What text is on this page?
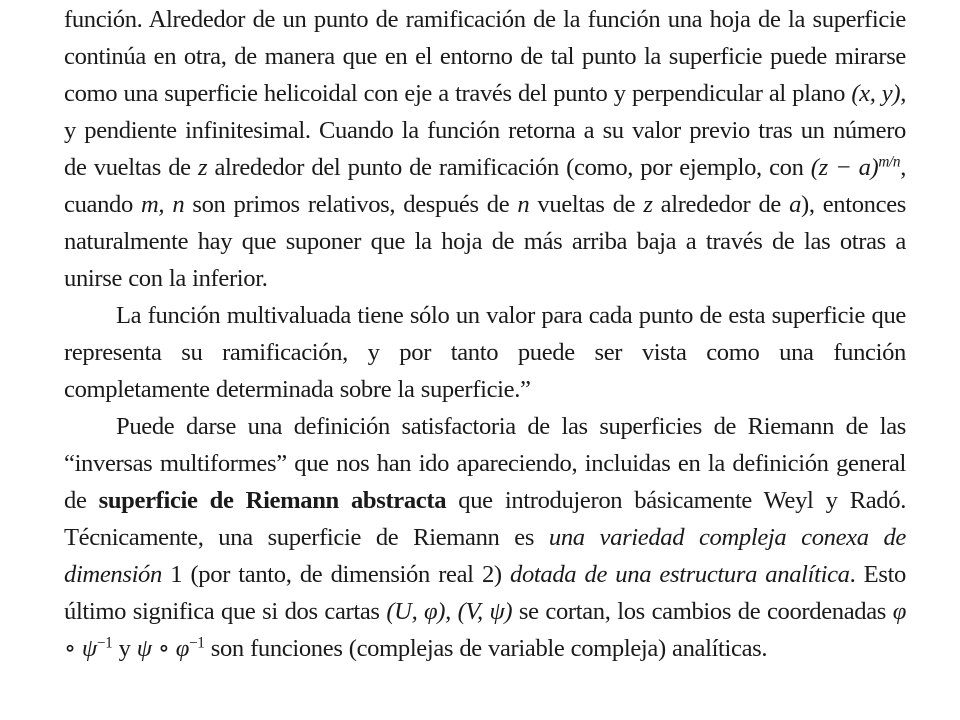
función. Alrededor de un punto de ramificación de la función una hoja de la superficie continúa en otra, de manera que en el entorno de tal punto la superficie puede mirarse como una superficie helicoidal con eje a través del punto y perpendicular al plano (x, y), y pendiente infinitesimal. Cuando la función retorna a su valor previo tras un número de vueltas de z alrededor del punto de ramificación (como, por ejemplo, con $(z - a)^{m/n}$, cuando m, n son primos relativos, después de n vueltas de z alrededor de a), entonces naturalmente hay que suponer que la hoja de más arriba baja a través de las otras a unirse con la inferior.

La función multivaluada tiene sólo un valor para cada punto de esta superficie que representa su ramificación, y por tanto puede ser vista como una función completamente determinada sobre la superficie.”

Puede darse una definición satisfactoria de las superficies de Riemann de las “inversas multiformes” que nos han ido apareciendo, incluidas en la definición general de superficie de Riemann abstracta que introdujeron básicamente Weyl y Radó. Técnicamente, una superficie de Riemann es una variedad compleja conexa de dimensión 1 (por tanto, de dimensión real 2) dotada de una estructura analítica. Esto último significa que si dos cartas (U, φ), (V, ψ) se cortan, los cambios de coordenadas φ ∘ $\psi^{-1}$ y ψ ∘ $\varphi^{-1}$ son funciones (complejas de variable compleja) analíticas.
